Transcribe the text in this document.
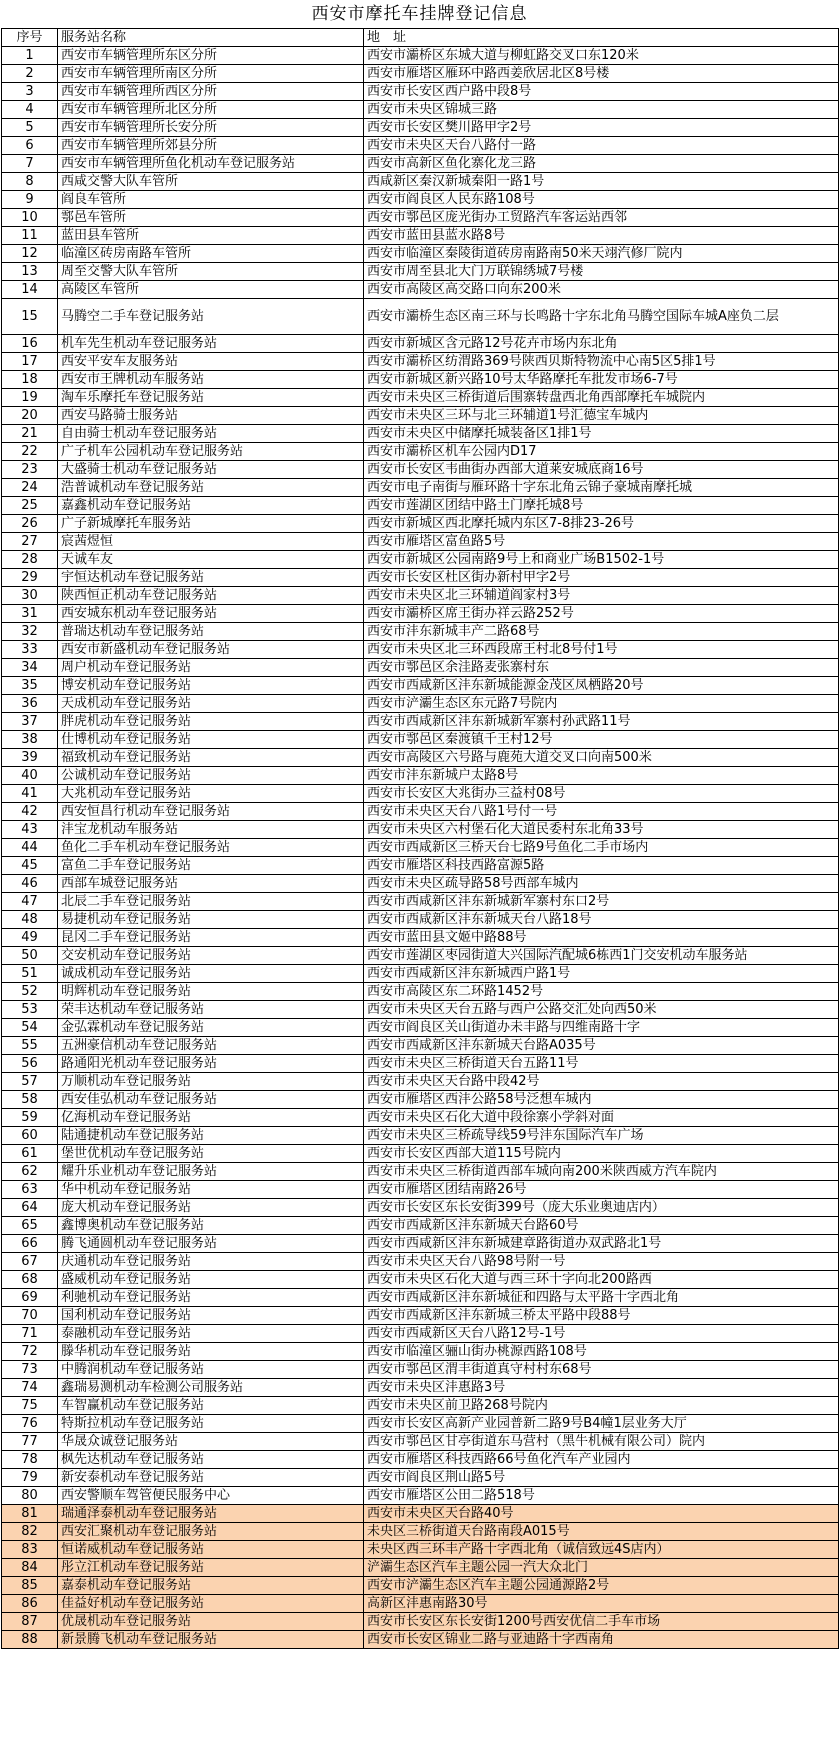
西安市摩托车挂牌登记信息
序号	服务站名称	地　址
1	西安市车辆管理所东区分所	西安市灞桥区东城大道与柳虹路交叉口东120米
2	西安市车辆管理所南区分所	西安市雁塔区雁环中路西姜欣居北区8号楼
3	西安市车辆管理所西区分所	西安市长安区西户路中段8号
4	西安市车辆管理所北区分所	西安市未央区锦城三路
5	西安市车辆管理所长安分所	西安市长安区樊川路甲字2号
6	西安市车辆管理所郊县分所	西安市未央区天台八路付一路
7	西安市车辆管理所鱼化机动车登记服务站	西安市高新区鱼化寨化龙三路
8	西咸交警大队车管所	西咸新区秦汉新城秦阳一路1号
9	阎良车管所	西安市阎良区人民东路108号
10	鄠邑车管所	西安市鄠邑区庞光街办工贸路汽车客运站西邻
11	蓝田县车管所	西安市蓝田县蓝水路8号
12	临潼区砖房南路车管所	西安市临潼区秦陵街道砖房南路南50米天翊汽修厂院内
13	周至交警大队车管所	西安市周至县北大门万联锦绣城7号楼
14	高陵区车管所	西安市高陵区高交路口向东200米
15	马腾空二手车登记服务站	西安市灞桥生态区南三环与长鸣路十字东北角马腾空国际车城A座负二层
16	机车先生机动车登记服务站	西安市新城区含元路12号花卉市场内东北角
17	西安平安车友服务站	西安市灞桥区纺渭路369号陕西贝斯特物流中心南5区5排1号
18	西安市王牌机动车服务站	西安市新城区新兴路10号太华路摩托车批发市场6-7号
19	淘车乐摩托车登记服务站	西安市未央区三桥街道后围寨转盘西北角西部摩托车城院内
20	西安马路骑士服务站	西安市未央区三环与北三环辅道1号汇德宝车城内
21	自由骑士机动车登记服务站	西安市未央区中储摩托城装备区1排1号
22	广子机车公园机动车登记服务站	西安市灞桥区机车公园内D17
23	大盛骑士机动车登记服务站	西安市长安区韦曲街办西部大道莱安城底商16号
24	浩普诚机动车登记服务站	西安市电子南街与雁环路十字东北角云锦子豪城南摩托城
25	嘉鑫机动车登记服务站	西安市莲湖区团结中路土门摩托城8号
26	广子新城摩托车服务站	西安市新城区西北摩托城内东区7-8排23-26号
27	宸茜煜恒	西安市雁塔区富鱼路5号
28	天诚车友	西安市新城区公园南路9号上和商业广场B1502-1号
29	宇恒达机动车登记服务站	西安市长安区杜区街办新村甲字2号
30	陕西恒正机动车登记服务站	西安市未央区北三环辅道阎家村3号
31	西安城东机动车登记服务站	西安市灞桥区席王街办祥云路252号
32	普瑞达机动车登记服务站	西安市沣东新城丰产二路68号
33	西安市新盛机动车登记服务站	西安市未央区北三环西段席王村北8号付1号
34	周户机动车登记服务站	西安市鄠邑区余洼路麦张寨村东
35	博安机动车登记服务站	西安市西咸新区沣东新城能源金茂区凤栖路20号
36	天成机动车登记服务站	西安市浐灞生态区东元路7号院内
37	胖虎机动车登记服务站	西安市西咸新区沣东新城新军寨村孙武路11号
38	仕博机动车登记服务站	西安市鄠邑区秦渡镇千王村12号
39	福致机动车登记服务站	西安市高陵区六号路与鹿苑大道交叉口向南500米
40	公诚机动车登记服务站	西安市沣东新城户太路8号
41	大兆机动车登记服务站	西安市长安区大兆街办三益村08号
42	西安恒昌行机动车登记服务站	西安市未央区天台八路1号付一号
43	沣宝龙机动车服务站	西安市未央区六村堡石化大道民委村东北角33号
44	鱼化二手车机动车登记服务站	西安市西咸新区三桥天台七路9号鱼化二手市场内
45	富鱼二手车登记服务站	西安市雁塔区科技西路富源5路
46	西部车城登记服务站	西安市未央区疏导路58号西部车城内
47	北辰二手车登记服务站	西安市西咸新区沣东新城新军寨村东口2号
48	易捷机动车登记服务站	西安市西咸新区沣东新城天台八路18号
49	昆冈二手车登记服务站	西安市蓝田县文姬中路88号
50	交安机动车登记服务站	西安市莲湖区枣园街道大兴国际汽配城6栋西1门交安机动车服务站
51	诚成机动车登记服务站	西安市西咸新区沣东新城西户路1号
52	明辉机动车登记服务站	西安市高陵区东二环路1452号
53	荣丰达机动车登记服务站	西安市未央区天台五路与西户公路交汇处向西50米
54	金弘霖机动车登记服务站	西安市阎良区关山街道办未丰路与四维南路十字
55	五洲豪信机动车登记服务站	西安市西咸新区沣东新城天台路A035号
56	路通阳光机动车登记服务站	西安市未央区三桥街道天台五路11号
57	万顺机动车登记服务站	西安市未央区天台路中段42号
58	西安佳弘机动车登记服务站	西安市雁塔区西沣公路58号泛想车城内
59	亿海机动车登记服务站	西安市未央区石化大道中段徐寨小学斜对面
60	陆通捷机动车登记服务站	西安市未央区三桥疏导线59号沣东国际汽车广场
61	堡世优机动车登记服务站	西安市长安区西部大道115号院内
62	耀升乐业机动车登记服务站	西安市未央区三桥街道西部车城向南200米陕西威方汽车院内
63	华中机动车登记服务站	西安市雁塔区团结南路26号
64	庞大机动车登记服务站	西安市长安区东长安街399号（庞大乐业奥迪店内）
65	鑫博奥机动车登记服务站	西安市西咸新区沣东新城天台路60号
66	腾飞通圆机动车登记服务站	西安市西咸新区沣东新城建章路街道办双武路北1号
67	庆通机动车登记服务站	西安市未央区天台八路98号附一号
68	盛威机动车登记服务站	西安市未央区石化大道与西三环十字向北200路西
69	利驰机动车登记服务站	西安市西咸新区沣东新城征和四路与太平路十字西北角
70	国利机动车登记服务站	西安市西咸新区沣东新城三桥太平路中段88号
71	泰融机动车登记服务站	西安市西咸新区天台八路12号-1号
72	滕华机动车登记服务站	西安市临潼区骊山街办桃源西路108号
73	中腾润机动车登记服务站	西安市鄠邑区渭丰街道真守村村东68号
74	鑫瑞易测机动车检测公司服务站	西安市未央区沣惠路3号
75	车智赢机动车登记服务站	西安市未央区前卫路268号院内
76	特斯拉机动车登记服务站	西安市长安区高新产业园普新二路9号B4幢1层业务大厅
77	华晟众诚登记服务站	西安市鄠邑区甘亭街道东马营村（黑牛机械有限公司）院内
78	枫先达机动车登记服务站	西安市雁塔区科技西路66号鱼化汽车产业园内
79	新安泰机动车登记服务站	西安市阎良区荆山路5号
80	西安警顺车驾管便民服务中心	西安市雁塔区公田二路518号
81	瑞通泽泰机动车登记服务站	西安市未央区天台路40号
82	西安汇聚机动车登记服务站	未央区三桥街道天台路南段A015号
83	恒诺威机动车登记服务站	未央区西三环丰产路十字西北角（诚信致远4S店内）
84	彤立江机动车登记服务站	浐灞生态区汽车主题公园一汽大众北门
85	嘉泰机动车登记服务站	西安市浐灞生态区汽车主题公园通源路2号
86	佳益好机动车登记服务站	高新区沣惠南路30号
87	优晟机动车登记服务站	西安市长安区东长安街1200号西安优信二手车市场
88	新景腾飞机动车登记服务站	西安市长安区锦业二路与亚迪路十字西南角
